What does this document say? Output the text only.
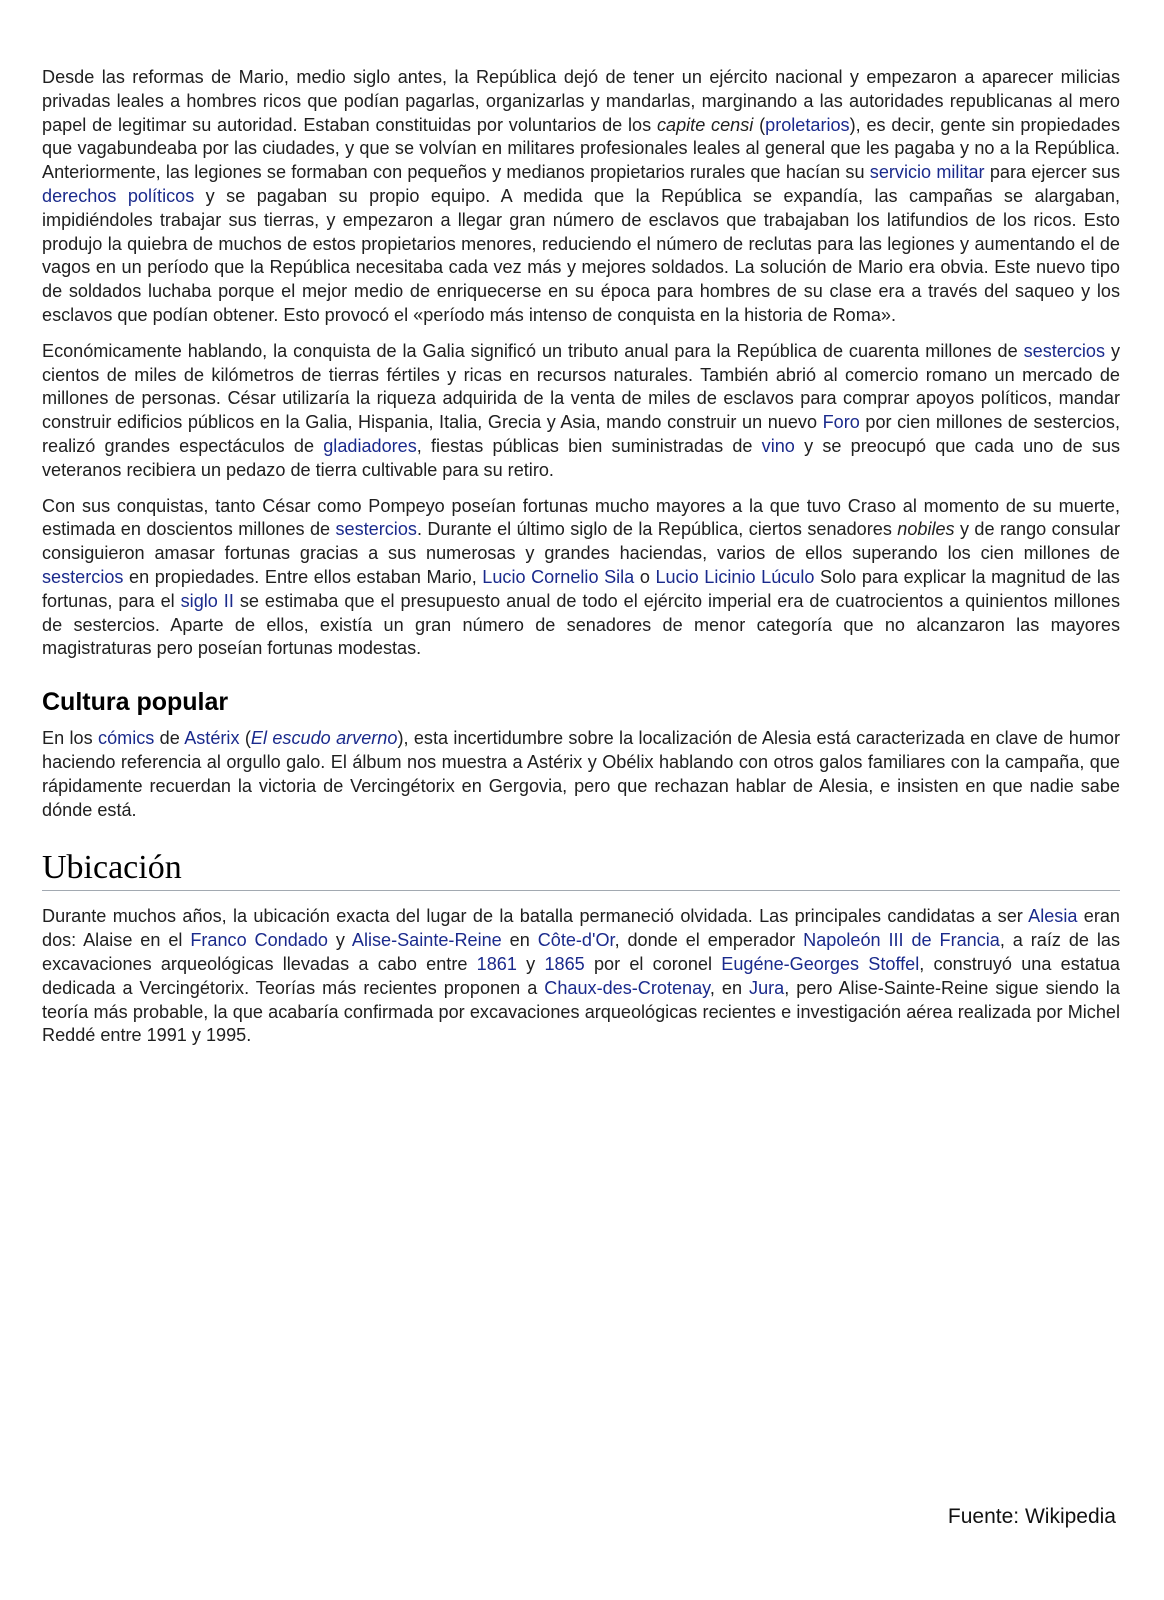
Desde las reformas de Mario, medio siglo antes, la República dejó de tener un ejército nacional y empezaron a aparecer milicias privadas leales a hombres ricos que podían pagarlas, organizarlas y mandarlas, marginando a las autoridades republicanas al mero papel de legitimar su autoridad. Estaban constituidas por voluntarios de los capite censi (proletarios), es decir, gente sin propiedades que vagabundeaba por las ciudades, y que se volvían en militares profesionales leales al general que les pagaba y no a la República. Anteriormente, las legiones se formaban con pequeños y medianos propietarios rurales que hacían su servicio militar para ejercer sus derechos políticos y se pagaban su propio equipo. A medida que la República se expandía, las campañas se alargaban, impidiéndoles trabajar sus tierras, y empezaron a llegar gran número de esclavos que trabajaban los latifundios de los ricos. Esto produjo la quiebra de muchos de estos propietarios menores, reduciendo el número de reclutas para las legiones y aumentando el de vagos en un período que la República necesitaba cada vez más y mejores soldados. La solución de Mario era obvia. Este nuevo tipo de soldados luchaba porque el mejor medio de enriquecerse en su época para hombres de su clase era a través del saqueo y los esclavos que podían obtener. Esto provocó el «período más intenso de conquista en la historia de Roma».

Económicamente hablando, la conquista de la Galia significó un tributo anual para la República de cuarenta millones de sestercios y cientos de miles de kilómetros de tierras fértiles y ricas en recursos naturales. También abrió al comercio romano un mercado de millones de personas. César utilizaría la riqueza adquirida de la venta de miles de esclavos para comprar apoyos políticos, mandar construir edificios públicos en la Galia, Hispania, Italia, Grecia y Asia, mando construir un nuevo Foro por cien millones de sestercios, realizó grandes espectáculos de gladiadores, fiestas públicas bien suministradas de vino y se preocupó que cada uno de sus veteranos recibiera un pedazo de tierra cultivable para su retiro.

Con sus conquistas, tanto César como Pompeyo poseían fortunas mucho mayores a la que tuvo Craso al momento de su muerte, estimada en doscientos millones de sestercios. Durante el último siglo de la República, ciertos senadores nobiles y de rango consular consiguieron amasar fortunas gracias a sus numerosas y grandes haciendas, varios de ellos superando los cien millones de sestercios en propiedades. Entre ellos estaban Mario, Lucio Cornelio Sila o Lucio Licinio Lúculo Solo para explicar la magnitud de las fortunas, para el siglo II se estimaba que el presupuesto anual de todo el ejército imperial era de cuatrocientos a quinientos millones de sestercios. Aparte de ellos, existía un gran número de senadores de menor categoría que no alcanzaron las mayores magistraturas pero poseían fortunas modestas.

Cultura popular

En los cómics de Astérix (El escudo arverno), esta incertidumbre sobre la localización de Alesia está caracterizada en clave de humor haciendo referencia al orgullo galo. El álbum nos muestra a Astérix y Obélix hablando con otros galos familiares con la campaña, que rápidamente recuerdan la victoria de Vercingétorix en Gergovia, pero que rechazan hablar de Alesia, e insisten en que nadie sabe dónde está.

Ubicación

Durante muchos años, la ubicación exacta del lugar de la batalla permaneció olvidada. Las principales candidatas a ser Alesia eran dos: Alaise en el Franco Condado y Alise-Sainte-Reine en Côte-d'Or, donde el emperador Napoleón III de Francia, a raíz de las excavaciones arqueológicas llevadas a cabo entre 1861 y 1865 por el coronel Eugéne-Georges Stoffel, construyó una estatua dedicada a Vercingétorix. Teorías más recientes proponen a Chaux-des-Crotenay, en Jura, pero Alise-Sainte-Reine sigue siendo la teoría más probable, la que acabaría confirmada por excavaciones arqueológicas recientes e investigación aérea realizada por Michel Reddé entre 1991 y 1995.

Fuente: Wikipedia
